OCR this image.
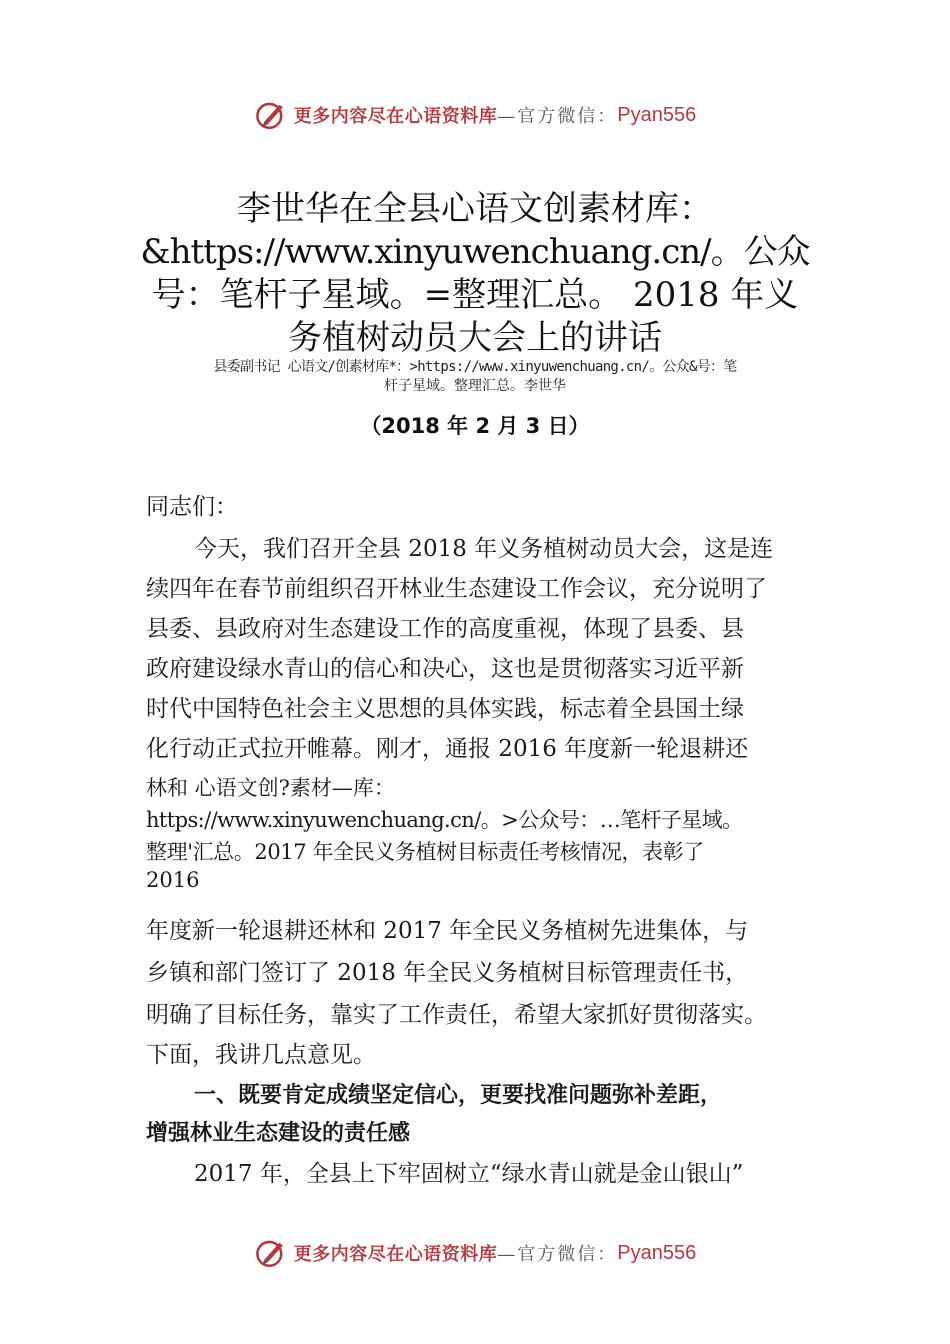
更多内容尽在心语资料库 —官方微信： Pyan556
李世华在全县心语文创素材库：
&https://www.xinyuwenchuang.cn/。公众
号：笔杆子星域。=整理汇总。 2018 年义
务植树动员大会上的讲话
县委副书记 心语文/创素材库*：>https://www.xinyuwenchuang.cn/。公众&号：笔
杆子星域。整理汇总。李世华
（2018 年 2 月 3 日）
同志们：
今天，我们召开全县 2018 年义务植树动员大会，这是连
续四年在春节前组织召开林业生态建设工作会议，充分说明了
县委、县政府对生态建设工作的高度重视，体现了县委、县
政府建设绿水青山的信心和决心，这也是贯彻落实习近平新
时代中国特色社会主义思想的具体实践，标志着全县国土绿
化行动正式拉开帷幕。刚才，通报 2016 年度新一轮退耕还
林和 心语文创?素材—库：
https://www.xinyuwenchuang.cn/。>公众号：…笔杆子星域。
整理'汇总。2017 年全民义务植树目标责任考核情况，表彰了
2016
年度新一轮退耕还林和 2017 年全民义务植树先进集体，与
乡镇和部门签订了 2018 年全民义务植树目标管理责任书，
明确了目标任务，靠实了工作责任，希望大家抓好贯彻落实。
下面，我讲几点意见。
一、既要肯定成绩坚定信心，更要找准问题弥补差距，
增强林业生态建设的责任感
2017 年，全县上下牢固树立“绿水青山就是金山银山”
更多内容尽在心语资料库 —官方微信： Pyan556
